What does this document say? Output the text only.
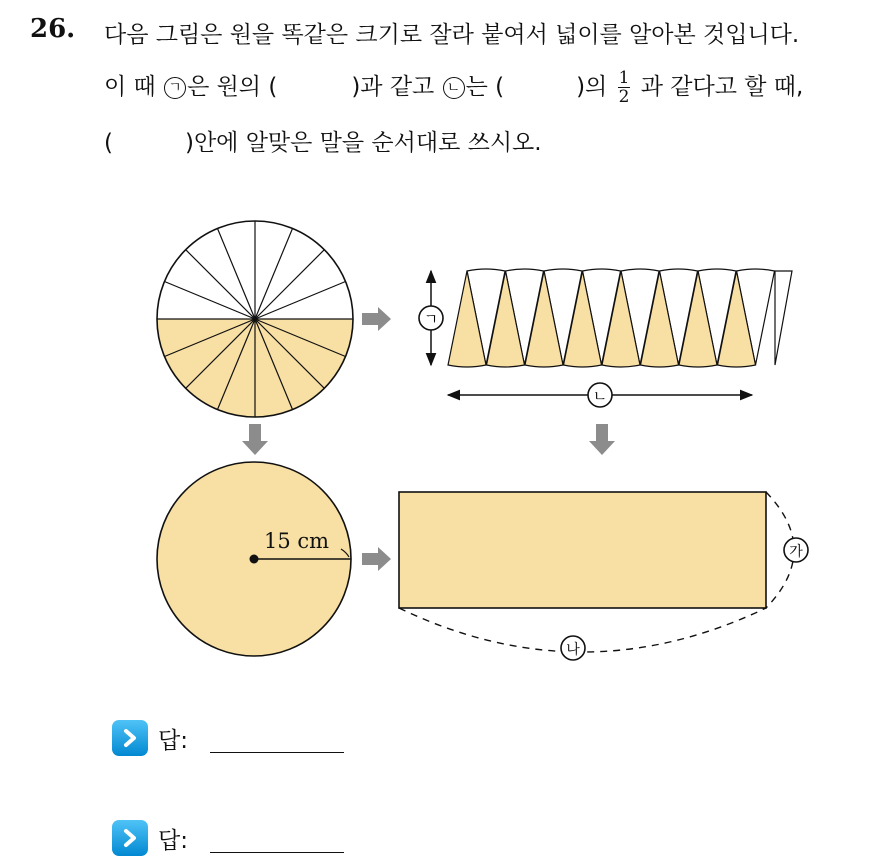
26. 다음 그림은 원을 똑같은 크기로 잘라 붙여서 넓이를 알아본 것입니다.
이 때 ㄱ 은 원의 (	)과 같고 ㄴ 는 (	)의 $\frac{1}{2}$ 과 같다고 할 때,
(	)안에 알맞은 말을 순서대로 쓰시오.
ㄱ
ㄴ
15 cm	가
나
답:
답:
